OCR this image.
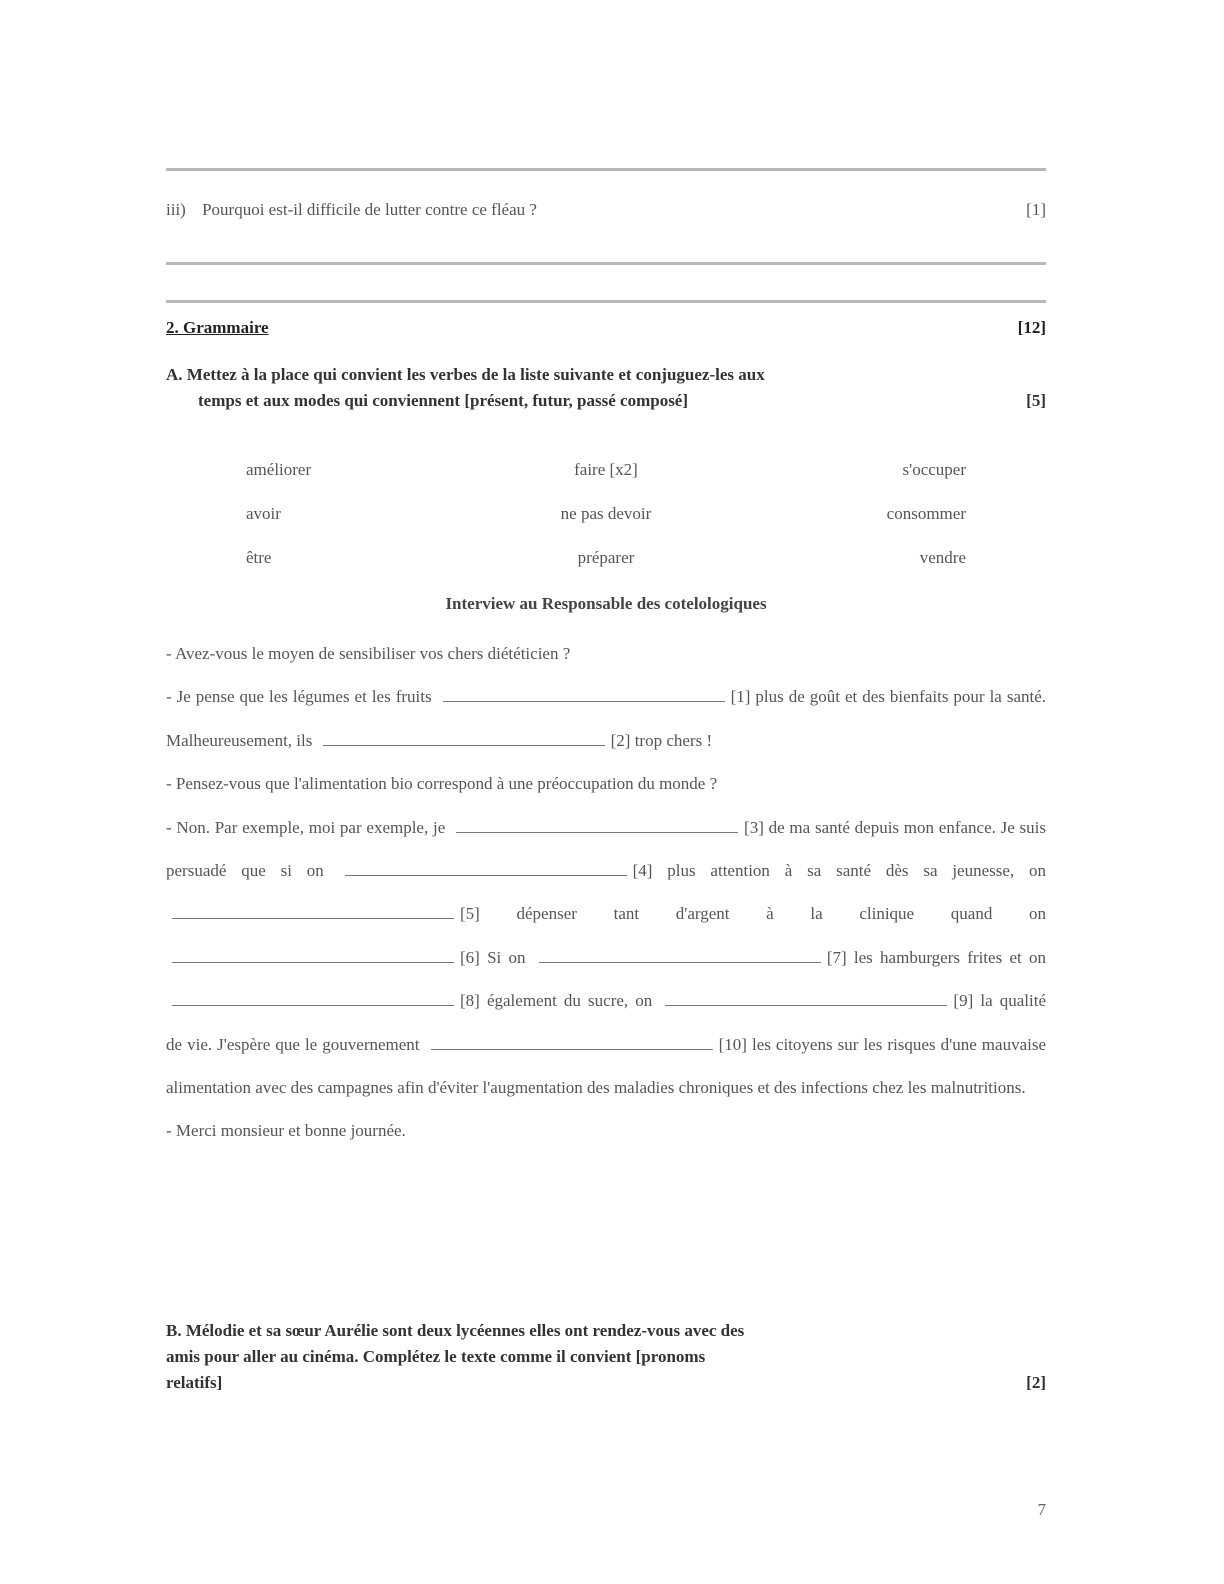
iii) Pourquoi est-il difficile de lutter contre ce fléau ?	[1]
2. Grammaire	[12]
A. Mettez à la place qui convient les verbes de la liste suivante et conjuguez-les aux
temps et aux modes qui conviennent [présent, futur, passé composé]	[5]
améliorer	faire [x2]	s'occuper
avoir	ne pas devoir	consommer
être	préparer	vendre
Interview au Responsable des cotelologiques
- Avez-vous le moyen de sensibiliser vos chers diététicien ?
- Je pense que les légumes et les fruits	[1] plus de goût et des bienfaits pour la santé. Malheureusement, ils	[2] trop chers !
- Pensez-vous que l'alimentation bio correspond à une préoccupation du monde ?
- Non. Par exemple, moi par exemple, je	[3] de ma santé depuis mon enfance. Je suis persuadé que si on	[4] plus attention à sa santé dès sa jeunesse, on [5] dépenser tant d'argent à la clinique quand on [6] Si on	[7] les hamburgers frites et on [8] également du sucre, on	[9] la qualité de vie. J'espère que le gouvernement	[10] les citoyens sur les risques d'une mauvaise alimentation avec des campagnes afin d'éviter l'augmentation des maladies chroniques et des infections chez les malnutritions.
- Merci monsieur et bonne journée.
B. Mélodie et sa sœur Aurélie sont deux lycéennes elles ont rendez-vous avec des
amis pour aller au cinéma. Complétez le texte comme il convient [pronoms
relatifs]	[2]
7
